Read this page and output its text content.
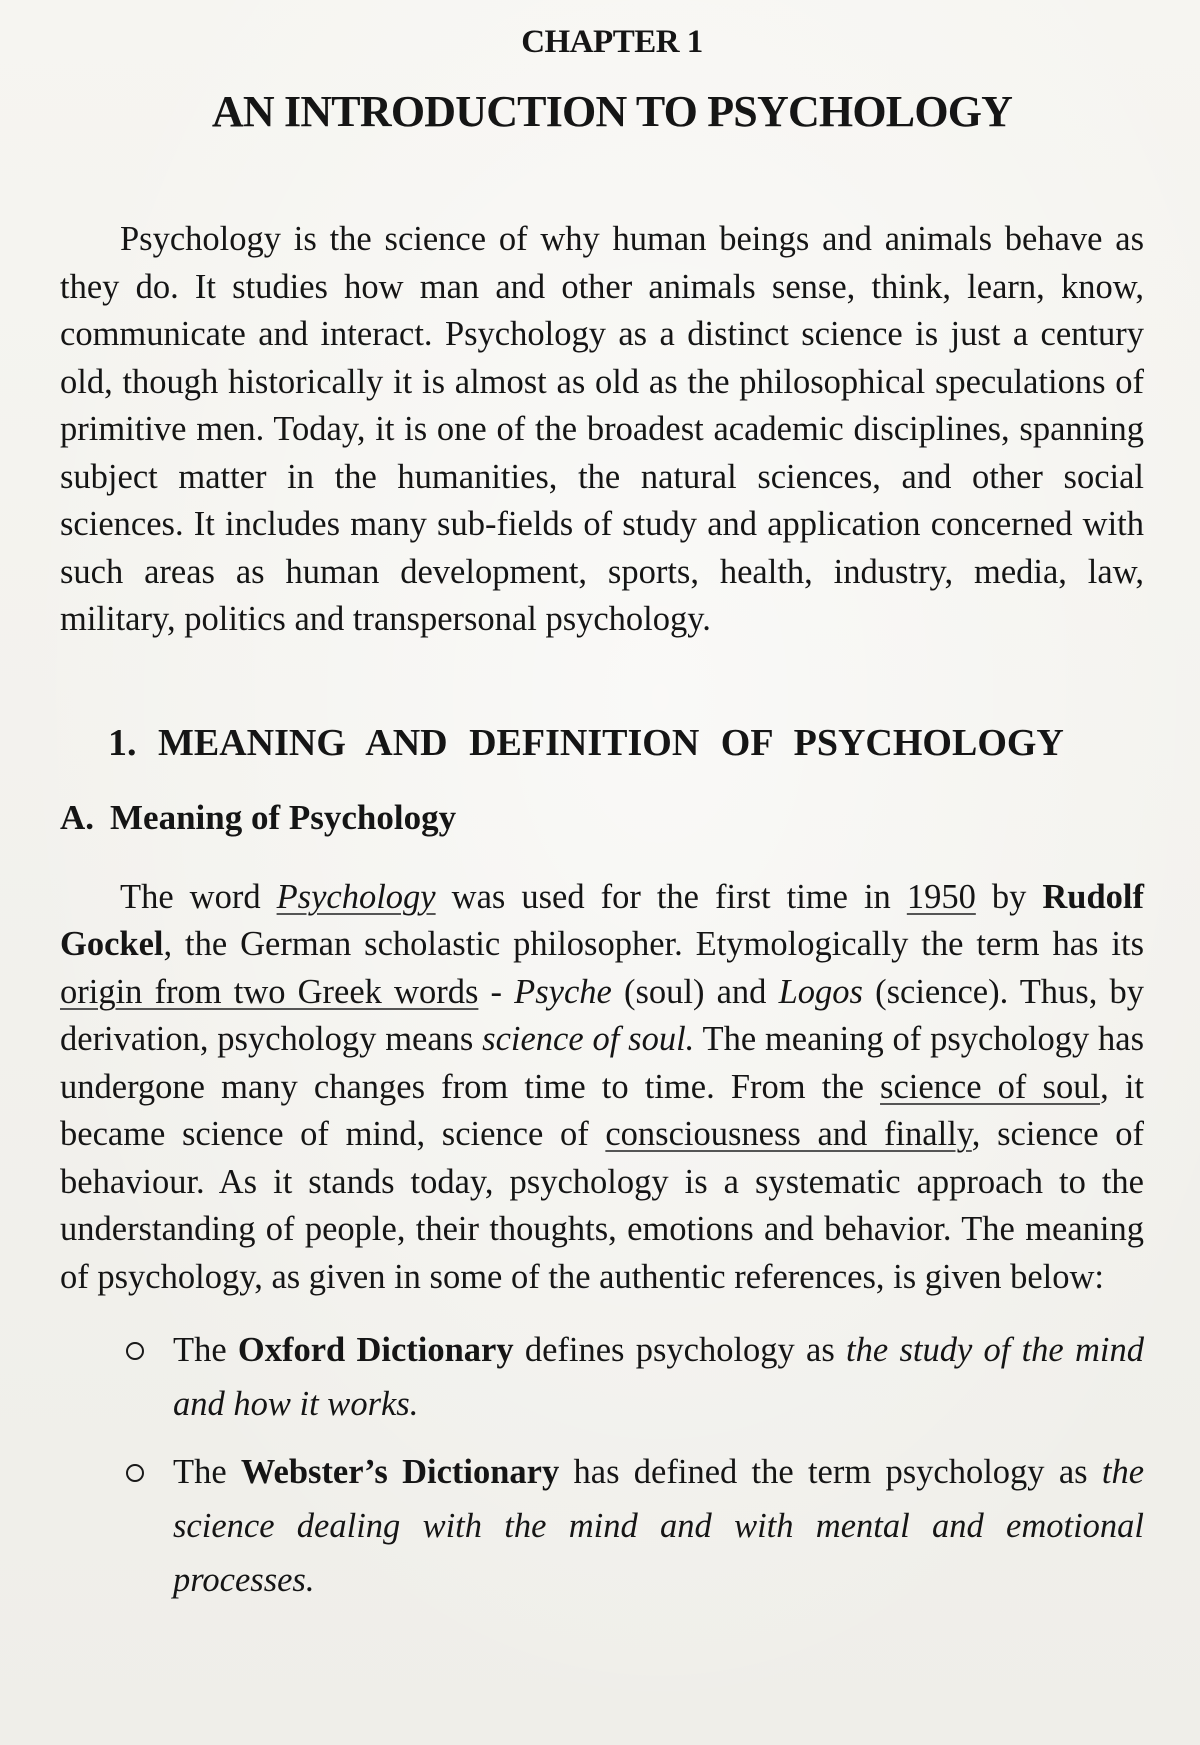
CHAPTER 1
AN INTRODUCTION TO PSYCHOLOGY

Psychology is the science of why human beings and animals behave as they do. It studies how man and other animals sense, think, learn, know, communicate and interact. Psychology as a distinct science is just a century old, though historically it is almost as old as the philosophical speculations of primitive men. Today, it is one of the broadest academic disciplines, spanning subject matter in the humanities, the natural sciences, and other social sciences. It includes many sub-fields of study and application concerned with such areas as human development, sports, health, industry, media, law, military, politics and transpersonal psychology.

1. MEANING AND DEFINITION OF PSYCHOLOGY
A. Meaning of Psychology

The word Psychology was used for the first time in 1950 by Rudolf Gockel, the German scholastic philosopher. Etymologically the term has its origin from two Greek words - Psyche (soul) and Logos (science). Thus, by derivation, psychology means science of soul. The meaning of psychology has undergone many changes from time to time. From the science of soul, it became science of mind, science of consciousness and finally, science of behaviour. As it stands today, psychology is a systematic approach to the understanding of people, their thoughts, emotions and behavior. The meaning of psychology, as given in some of the authentic references, is given below:

The Oxford Dictionary defines psychology as the study of the mind and how it works.
The Webster’s Dictionary has defined the term psychology as the science dealing with the mind and with mental and emotional processes.
